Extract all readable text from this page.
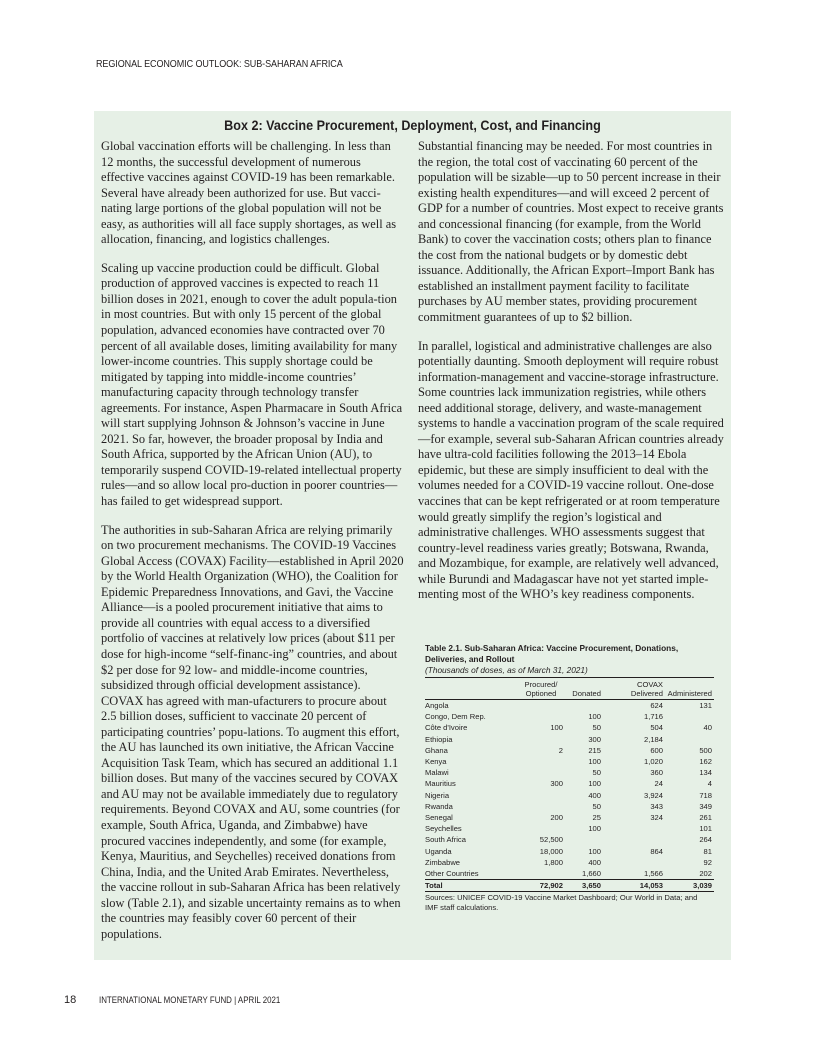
REGIONAL ECONOMIC OUTLOOK: SUB-SAHARAN AFRICA
Box 2: Vaccine Procurement, Deployment, Cost, and Financing

Global vaccination efforts will be challenging. In less than 12 months, the successful development of numerous effective vaccines against COVID-19 has been remarkable. Several have already been authorized for use. But vacci-nating large portions of the global population will not be easy, as authorities will all face supply shortages, as well as allocation, financing, and logistics challenges.

Scaling up vaccine production could be difficult. Global production of approved vaccines is expected to reach 11 billion doses in 2021, enough to cover the adult popula-tion in most countries. But with only 15 percent of the global population, advanced economies have contracted over 70 percent of all available doses, limiting availability for many lower-income countries. This supply shortage could be mitigated by tapping into middle-income countries’ manufacturing capacity through technology transfer agreements. For instance, Aspen Pharmacare in South Africa will start supplying Johnson & Johnson’s vaccine in June 2021. So far, however, the broader proposal by India and South Africa, supported by the African Union (AU), to temporarily suspend COVID-19-related intellectual property rules—and so allow local pro-duction in poorer countries—has failed to get widespread support.

The authorities in sub-Saharan Africa are relying primarily on two procurement mechanisms. The COVID-19 Vaccines Global Access (COVAX) Facility—established in April 2020 by the World Health Organization (WHO), the Coalition for Epidemic Preparedness Innovations, and Gavi, the Vaccine Alliance—is a pooled procurement initiative that aims to provide all countries with equal access to a diversified portfolio of vaccines at relatively low prices (about $11 per dose for high-income “self-financ-ing” countries, and about $2 per dose for 92 low- and middle-income countries, subsidized through official development assistance). COVAX has agreed with man-ufacturers to procure about 2.5 billion doses, sufficient to vaccinate 20 percent of participating countries’ popu-lations. To augment this effort, the AU has launched its own initiative, the African Vaccine Acquisition Task Team, which has secured an additional 1.1 billion doses. But many of the vaccines secured by COVAX and AU may not be available immediately due to regulatory requirements. Beyond COVAX and AU, some countries (for example, South Africa, Uganda, and Zimbabwe) have procured vaccines independently, and some (for example, Kenya, Mauritius, and Seychelles) received donations from China, India, and the United Arab Emirates. Nevertheless, the vaccine rollout in sub-Saharan Africa has been relatively slow (Table 2.1), and sizable uncertainty remains as to when the countries may feasibly cover 60 percent of their populations.

Substantial financing may be needed. For most countries in the region, the total cost of vaccinating 60 percent of the population will be sizable—up to 50 percent increase in their existing health expenditures—and will exceed 2 percent of GDP for a number of countries. Most expect to receive grants and concessional financing (for example, from the World Bank) to cover the vaccination costs; others plan to finance the cost from the national budgets or by domestic debt issuance. Additionally, the African Export–Import Bank has established an installment payment facility to facilitate purchases by AU member states, providing procurement commitment guarantees of up to $2 billion.

In parallel, logistical and administrative challenges are also potentially daunting. Smooth deployment will require robust information-management and vaccine-storage infrastructure. Some countries lack immunization registries, while others need additional storage, delivery, and waste-management systems to handle a vaccination program of the scale required—for example, several sub-Saharan African countries already have ultra-cold facilities following the 2013–14 Ebola epidemic, but these are simply insufficient to deal with the volumes needed for a COVID-19 vaccine rollout. One-dose vaccines that can be kept refrigerated or at room temperature would greatly simplify the region’s logistical and administrative challenges. WHO assessments suggest that country-level readiness varies greatly; Botswana, Rwanda, and Mozambique, for example, are relatively well advanced, while Burundi and Madagascar have not yet started imple-menting most of the WHO’s key readiness components.

Table 2.1. Sub-Saharan Africa: Vaccine Procurement, Donations, Deliveries, and Rollout
(Thousands of doses, as of March 31, 2021)
	Procured/ Optioned	Donated	COVAX Delivered	Administered
Angola			624	131
Congo, Dem Rep.		100	1,716	
Côte d'Ivoire	100	50	504	40
Ethiopia		300	2,184	
Ghana	2	215	600	500
Kenya		100	1,020	162
Malawi		50	360	134
Mauritius	300	100	24	4
Nigeria		400	3,924	718
Rwanda		50	343	349
Senegal	200	25	324	261
Seychelles		100		101
South Africa	52,500			264
Uganda	18,000	100	864	81
Zimbabwe	1,800	400		92
Other Countries		1,660	1,566	202
Total	72,902	3,650	14,053	3,039
Sources: UNICEF COVID-19 Vaccine Market Dashboard; Our World in Data; and IMF staff calculations.
18 INTERNATIONAL MONETARY FUND | APRIL 2021
